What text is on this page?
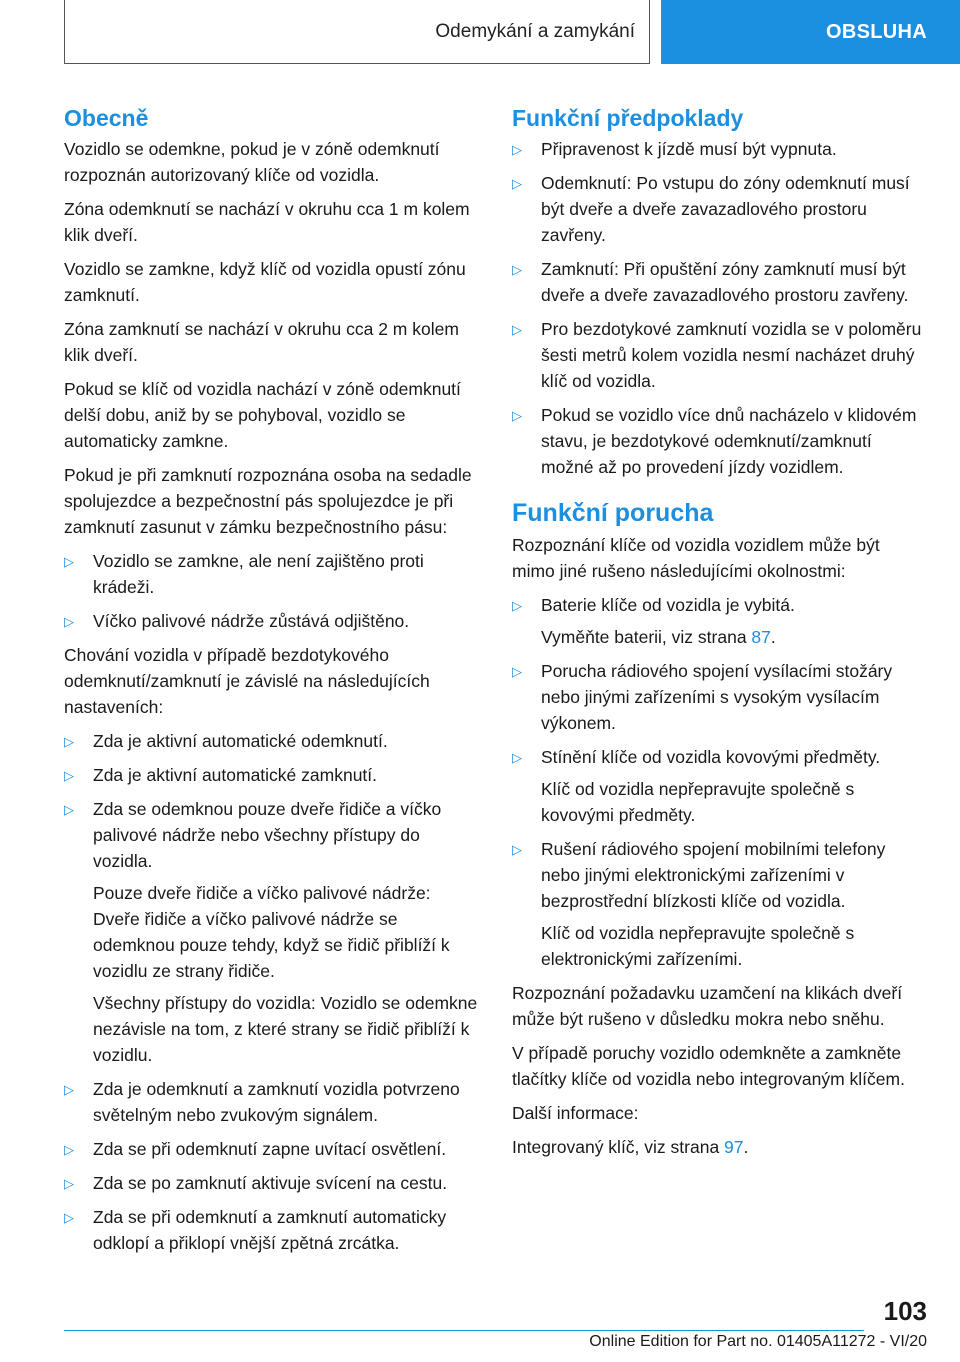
Odemykání a zamykání	OBSLUHA
Obecně

Vozidlo se odemkne, pokud je v zóně odemknutí rozpoznán autorizovaný klíče od vozidla.

Zóna odemknutí se nachází v okruhu cca 1 m kolem klik dveří.

Vozidlo se zamkne, když klíč od vozidla opustí zónu zamknutí.

Zóna zamknutí se nachází v okruhu cca 2 m kolem klik dveří.

Pokud se klíč od vozidla nachází v zóně odemknutí delší dobu, aniž by se pohyboval, vozidlo se automaticky zamkne.

Pokud je při zamknutí rozpoznána osoba na sedadle spolujezdce a bezpečnostní pás spolujezdce je při zamknutí zasunut v zámku bezpečnostního pásu:

▷	Vozidlo se zamkne, ale není zajištěno proti krádeži.
▷	Víčko palivové nádrže zůstává odjištěno.

Chování vozidla v případě bezdotykového odemknutí/zamknutí je závislé na následujících nastaveních:

▷	Zda je aktivní automatické odemknutí.
▷	Zda je aktivní automatické zamknutí.
▷	Zda se odemknou pouze dveře řidiče a víčko palivové nádrže nebo všechny přístupy do vozidla.
Pouze dveře řidiče a víčko palivové nádrže: Dveře řidiče a víčko palivové nádrže se odemknou pouze tehdy, když se řidič přiblíží k vozidlu ze strany řidiče.
Všechny přístupy do vozidla: Vozidlo se odemkne nezávisle na tom, z které strany se řidič přiblíží k vozidlu.
▷	Zda je odemknutí a zamknutí vozidla potvrzeno světelným nebo zvukovým signálem.
▷	Zda se při odemknutí zapne uvítací osvětlení.
▷	Zda se po zamknutí aktivuje svícení na cestu.
▷	Zda se při odemknutí a zamknutí automaticky odklopí a přiklopí vnější zpětná zrcátka.
Funkční předpoklady
▷	Připravenost k jízdě musí být vypnuta.
▷	Odemknutí: Po vstupu do zóny odemknutí musí být dveře a dveře zavazadlového prostoru zavřeny.
▷	Zamknutí: Při opuštění zóny zamknutí musí být dveře a dveře zavazadlového prostoru zavřeny.
▷	Pro bezdotykové zamknutí vozidla se v poloměru šesti metrů kolem vozidla nesmí nacházet druhý klíč od vozidla.
▷	Pokud se vozidlo více dnů nacházelo v klidovém stavu, je bezdotykové odemknutí/zamknutí možné až po provedení jízdy vozidlem.
Funkční porucha

Rozpoznání klíče od vozidla vozidlem může být mimo jiné rušeno následujícími okolnostmi:

▷	Baterie klíče od vozidla je vybitá.
Vyměňte baterii, viz strana 87.
▷	Porucha rádiového spojení vysílacími stožáry nebo jinými zařízeními s vysokým vysílacím výkonem.
▷	Stínění klíče od vozidla kovovými předměty.
Klíč od vozidla nepřepravujte společně s kovovými předměty.
▷	Rušení rádiového spojení mobilními telefony nebo jinými elektronickými zařízeními v bezprostřední blízkosti klíče od vozidla.
Klíč od vozidla nepřepravujte společně s elektronickými zařízeními.

Rozpoznání požadavku uzamčení na klikách dveří může být rušeno v důsledku mokra nebo sněhu.

V případě poruchy vozidlo odemkněte a zamkněte tlačítky klíče od vozidla nebo integrovaným klíčem.

Další informace:

Integrovaný klíč, viz strana 97.

103
Online Edition for Part no. 01405A11272 - VI/20
